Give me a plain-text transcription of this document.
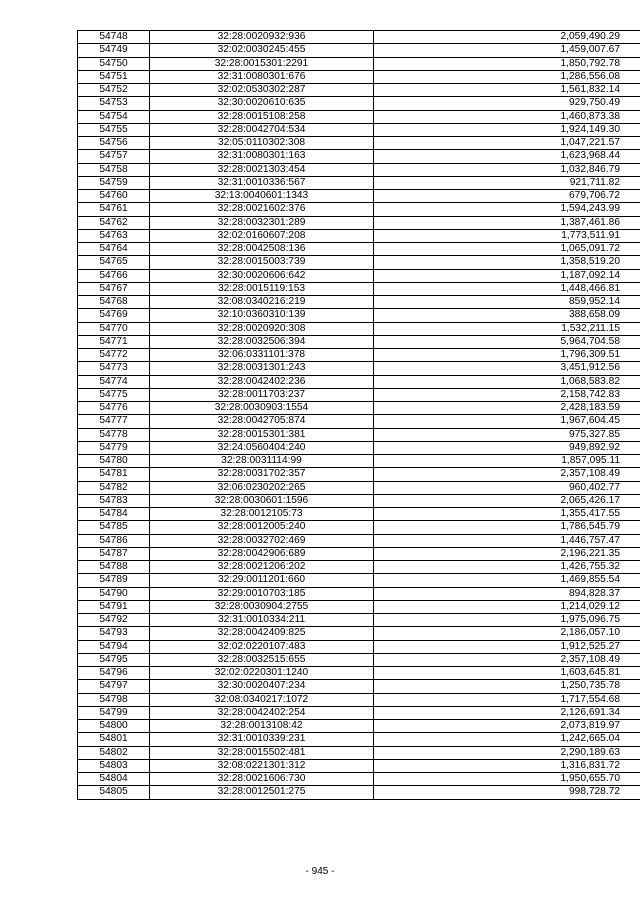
54748	32:28:0020932:936	2,059,490.29
54749	32:02:0030245:455	1,459,007.67
54750	32:28:0015301:2291	1,850,792.78
54751	32:31:0080301:676	1,286,556.08
54752	32:02:0530302:287	1,561,832.14
54753	32:30:0020610:635	929,750.49
54754	32:28:0015108:258	1,460,873.38
54755	32:28:0042704:534	1,924,149.30
54756	32:05:0110302:308	1,047,221.57
54757	32:31:0080301:163	1,623,968.44
54758	32:28:0021303:454	1,032,846.79
54759	32:31:0010336:567	921,711.82
54760	32:13:0040601:1343	679,706.72
54761	32:28:0021602:376	1,594,243.99
54762	32:28:0032301:289	1,387,461.86
54763	32:02:0160607:208	1,773,511.91
54764	32:28:0042508:136	1,065,091.72
54765	32:28:0015003:739	1,358,519.20
54766	32:30:0020606:642	1,187,092.14
54767	32:28:0015119:153	1,448,466.81
54768	32:08:0340216:219	859,952.14
54769	32:10:0360310:139	388,658.09
54770	32:28:0020920:308	1,532,211.15
54771	32:28:0032506:394	5,964,704.58
54772	32:06:0331101:378	1,796,309.51
54773	32:28:0031301:243	3,451,912.56
54774	32:28:0042402:236	1,068,583.82
54775	32:28:0011703:237	2,158,742.83
54776	32:28:0030903:1554	2,428,183.59
54777	32:28:0042705:874	1,967,604.45
54778	32:28:0015301:381	975,327.85
54779	32:24:0560404:240	949,892.92
54780	32:28:0031114:99	1,857,095.11
54781	32:28:0031702:357	2,357,108.49
54782	32:06:0230202:265	960,402.77
54783	32:28:0030601:1596	2,065,426.17
54784	32:28:0012105:73	1,355,417.55
54785	32:28:0012005:240	1,786,545.79
54786	32:28:0032702:469	1,446,757.47
54787	32:28:0042906:689	2,196,221.35
54788	32:28:0021206:202	1,426,755.32
54789	32:29:0011201:660	1,469,855.54
54790	32:29:0010703:185	894,828.37
54791	32:28:0030904:2755	1,214,029.12
54792	32:31:0010334:211	1,975,096.75
54793	32:28:0042409:825	2,186,057.10
54794	32:02:0220107:483	1,912,525.27
54795	32:28:0032515:655	2,357,108.49
54796	32:02:0220301:1240	1,603,645.81
54797	32:30:0020407:234	1,250,735.78
54798	32:08:0340217:1072	1,717,554.68
54799	32:28:0042402:254	2,126,691.34
54800	32:28:0013108:42	2,073,819.97
54801	32:31:0010339:231	1,242,665.04
54802	32:28:0015502:481	2,290,189.63
54803	32:08:0221301:312	1,316,831.72
54804	32:28:0021606:730	1,950,655.70
54805	32:28:0012501:275	998,728.72
- 945 -
